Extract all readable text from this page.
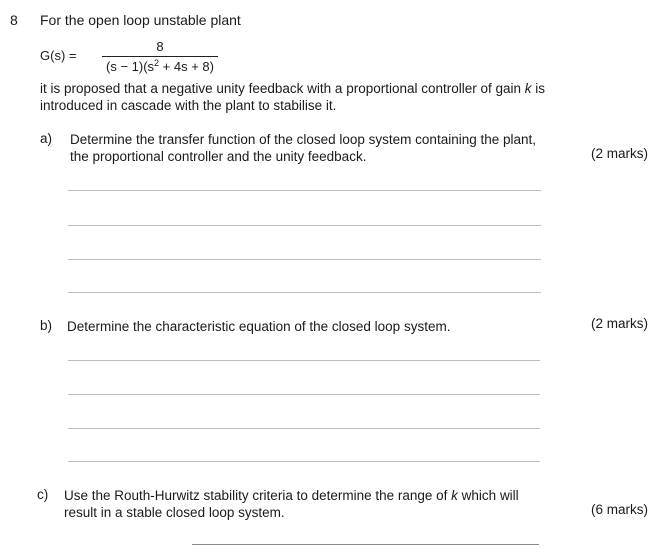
8 For the open loop unstable plant
G(s) =
8
$(s - 1)(s^2 + 4s + 8)$
it is proposed that a negative unity feedback with a proportional controller of gain k is introduced in cascade with the plant to stabilise it.
a) Determine the transfer function of the closed loop system containing the plant, the proportional controller and the unity feedback.	(2 marks)
b) Determine the characteristic equation of the closed loop system.	(2 marks)
c) Use the Routh-Hurwitz stability criteria to determine the range of k which will result in a stable closed loop system.	(6 marks)
